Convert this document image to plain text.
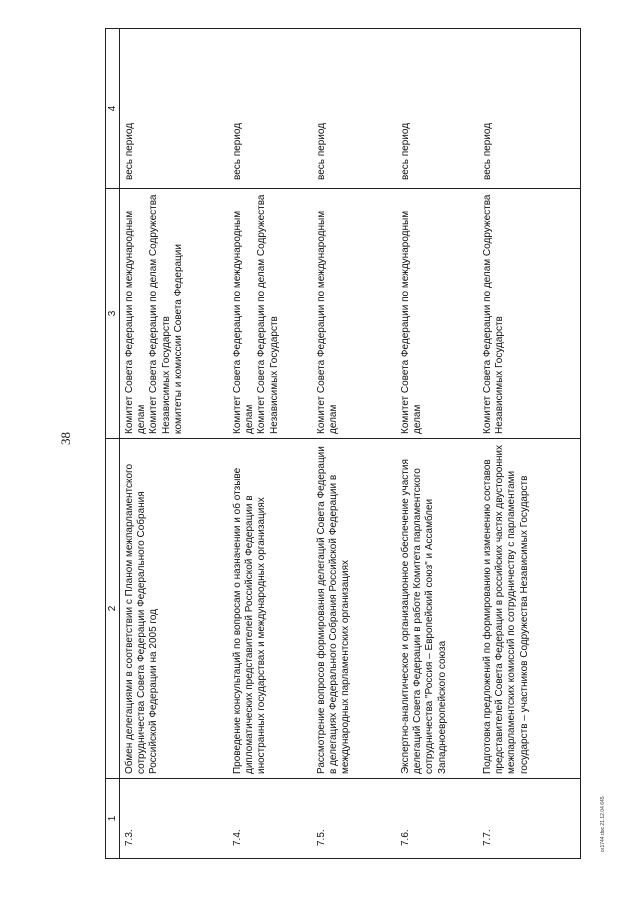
38
1	2	3	4
7.3.	Обмен делегациями в соответствии с Планом межпарламентского сотрудничества Совета Федерации Федерального Собрания Российской Федерации на 2005 год	Комитет Совета Федерации по международным делам
Комитет Совета Федерации по делам Содружества Независимых Государств
комитеты и комиссии Совета Федерации	весь период
7.4.	Проведение консультаций по вопросам о назначении и об отзыве дипломатических представителей Российской Федерации в иностранных государствах и международных организациях	Комитет Совета Федерации по международным делам
Комитет Совета Федерации по делам Содружества Независимых Государств	весь период
7.5.	Рассмотрение вопросов формирования делегаций Совета Федерации в делегациях Федерального Собрания Российской Федерации в международных парламентских организациях	Комитет Совета Федерации по международным делам	весь период
7.6.	Экспертно-аналитическое и организационное обеспечение участия делегаций Совета Федерации в работе Комитета парламентского сотрудничества "Россия – Европейский союз" и Ассамблеи Западноевропейского союза	Комитет Совета Федерации по международным делам	весь период
7.7.	Подготовка предложений по формированию и изменению составов представителей Совета Федерации в российских частях двусторонних межпарламентских комиссий по сотрудничеству с парламентами государств – участников Содружества Независимых Государств	Комитет Совета Федерации по делам Содружества Независимых Государств	весь период
or1744.doc 21.12.04 645
